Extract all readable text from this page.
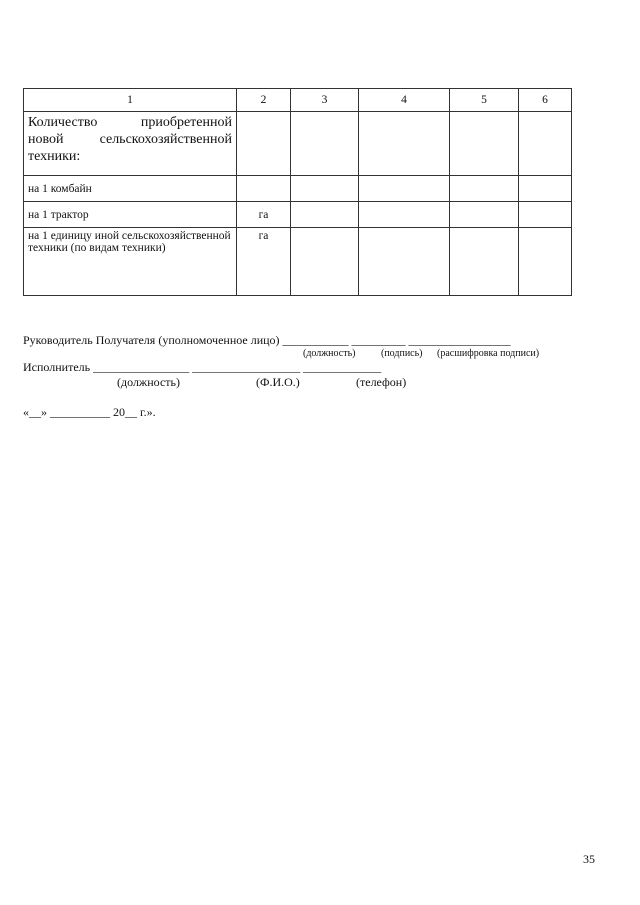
1	2	3	4	5	6

Количество приобретенной
новой сельскохозяйственной
техники:					

на 1 комбайн					
на 1 трактор	га				
на 1 единицу иной сельскохозяйственной техники (по видам техники)	га				
Руководитель Получателя (уполномоченное лицо) ___________ _________ _________________
(должность)	(подпись) (расшифровка подписи)
Исполнитель ________________ __________________ _____________
(должность)	(Ф.И.О.)	(телефон)
«__» __________ 20__ г.».
35
